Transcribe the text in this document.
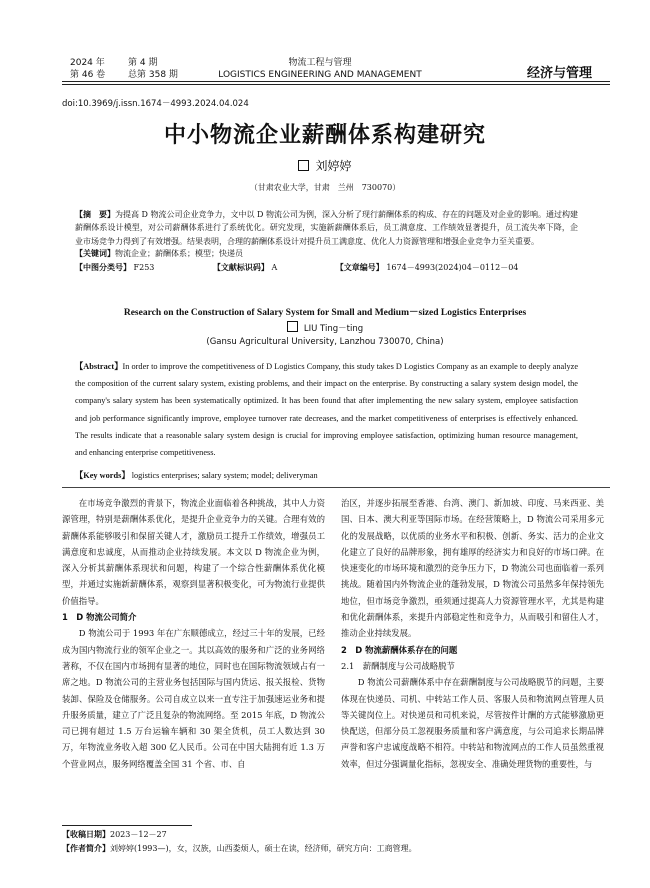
2024 年	第 4 期
第 46 卷	总第 358 期
物流工程与管理
LOGISTICS ENGINEERING AND MANAGEMENT	经济与管理
doi:10.3969/j.issn.1674－4993.2024.04.024
中小物流企业薪酬体系构建研究
刘婷婷
（甘肃农业大学，甘肃　兰州　730070）
【摘　要】为提高 D 物流公司企业竞争力，文中以 D 物流公司为例，深入分析了现行薪酬体系的构成、存在的问题及对企业的影响。通过构建薪酬体系设计模型，对公司薪酬体系进行了系统优化。研究发现，实施新薪酬体系后，员工满意度、工作绩效显著提升，员工流失率下降，企业市场竞争力得到了有效增强。结果表明，合理的薪酬体系设计对提升员工满意度、优化人力资源管理和增强企业竞争力至关重要。
【关键词】物流企业；薪酬体系；模型；快递员
【中图分类号】 F253	【文献标识码】 A	【文章编号】 1674－4993(2024)04－0112－04
Research on the Construction of Salary System for Small and Medium－sized Logistics Enterprises
LIU Ting－ting
(Gansu Agricultural University, Lanzhou 730070, China)
【Abstract】In order to improve the competitiveness of D Logistics Company, this study takes D Logistics Company as an example to deeply analyze the composition of the current salary system, existing problems, and their impact on the enterprise. By constructing a salary system design model, the company's salary system has been systematically optimized. It has been found that after implementing the new salary system, employee satisfaction and job performance significantly improve, employee turnover rate decreases, and the market competitiveness of enterprises is effectively enhanced. The results indicate that a reasonable salary system design is crucial for improving employee satisfaction, optimizing human resource management, and enhancing enterprise competitiveness.
【Key words】 logistics enterprises; salary system; model; deliveryman

在市场竞争激烈的背景下，物流企业面临着各种挑战，其中人力资源管理，特别是薪酬体系优化，是提升企业竞争力的关键。合理有效的薪酬体系能够吸引和保留关键人才，激励员工提升工作绩效，增强员工满意度和忠诚度，从而推动企业持续发展。本文以 D 物流企业为例，深入分析其薪酬体系现状和问题，构建了一个综合性薪酬体系优化模型，并通过实施新薪酬体系，观察到显著积极变化，可为物流行业提供价值指导。

1　D 物流公司简介

D 物流公司于 1993 年在广东顺德成立，经过三十年的发展，已经成为国内物流行业的领军企业之一。其以高效的服务和广泛的业务网络著称，不仅在国内市场拥有显著的地位，同时也在国际物流领域占有一席之地。D 物流公司的主营业务包括国际与国内货运、报关报检、货物装卸、保险及仓储服务。公司自成立以来一直专注于加强速运业务和提升服务质量，建立了广泛且复杂的物流网络。至 2015 年底，D 物流公司已拥有超过 1.5 万台运输车辆和 30 架全货机，员工人数达到 30 万，年物流业务收入超 300 亿人民币。公司在中国大陆拥有近 1.3 万个营业网点，服务网络覆盖全国 31 个省、市、自

治区，并逐步拓展至香港、台湾、澳门、新加坡、印度、马来西亚、美国、日本、澳大利亚等国际市场。在经营策略上，D 物流公司采用多元化的发展战略，以优质的业务水平和积极、创新、务实、活力的企业文化建立了良好的品牌形象，拥有雄厚的经济实力和良好的市场口碑。在快速变化的市场环境和激烈的竞争压力下，D 物流公司也面临着一系列挑战。随着国内外物流企业的蓬勃发展，D 物流公司虽然多年保持领先地位，但市场竞争激烈，亟须通过提高人力资源管理水平，尤其是构建和优化薪酬体系，来提升内部稳定性和竞争力，从而吸引和留住人才，推动企业持续发展。

2　D 物流薪酬体系存在的问题

2.1　薪酬制度与公司战略脱节

D 物流公司薪酬体系中存在薪酬制度与公司战略脱节的问题，主要体现在快递员、司机、中转站工作人员、客服人员和物流网点管理人员等关键岗位上。对快递员和司机来说，尽管按件计酬的方式能够激励更快配送，但部分员工忽视服务质量和客户满意度，与公司追求长期品牌声誉和客户忠诚度战略不相符。中转站和物流网点的工作人员虽然重视效率，但过分强调量化指标，忽视安全、准确处理货物的重要性，与

【收稿日期】2023－12－27
【作者简介】刘婷婷(1993—)，女，汉族，山西娄烦人，硕士在读，经济师，研究方向：工商管理。
